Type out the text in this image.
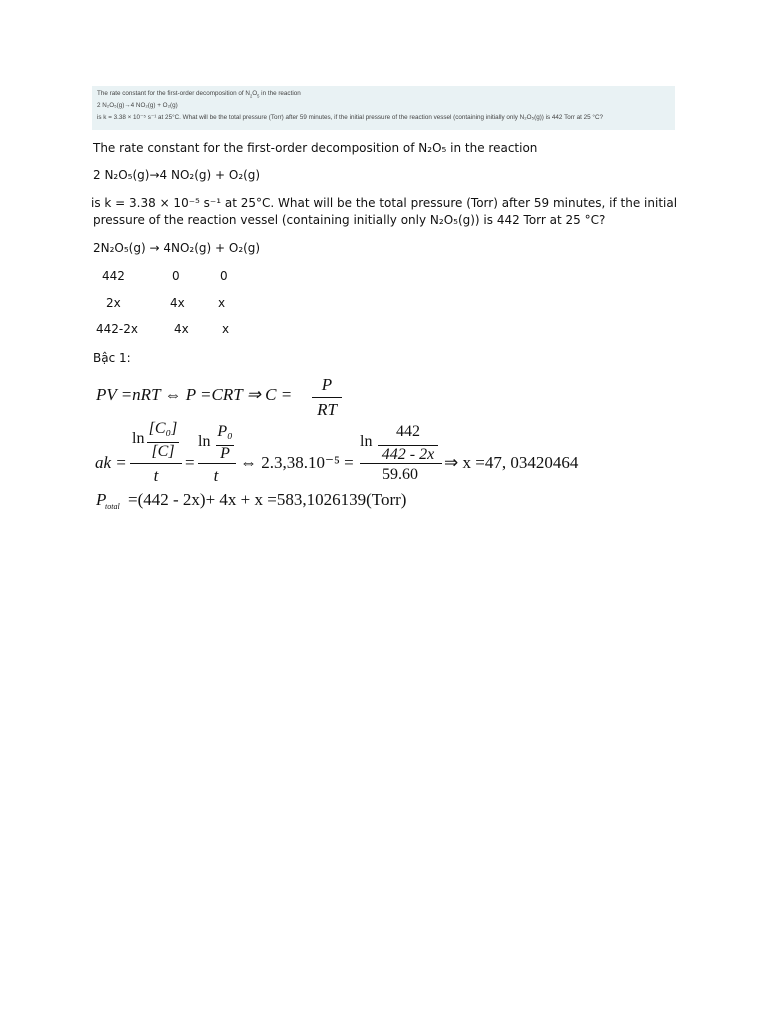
The rate constant for the first-order decomposition of $N_2O_5$ in the reaction
2 N₂O₅(g)→4 NO₂(g) + O₂(g)
is k = 3.38 × 10⁻⁵ s⁻¹ at 25°C. What will be the total pressure (Torr) after 59 minutes, if the initial pressure of the reaction vessel (containing initially only N₂O₅(g)) is 442 Torr at 25 °C?
The rate constant for the first-order decomposition of N₂O₅ in the reaction
2 N₂O₅(g)→4 NO₂(g) + O₂(g)
is k = 3.38 × 10⁻⁵ s⁻¹ at 25°C. What will be the total pressure (Torr) after 59 minutes, if the initial
pressure of the reaction vessel (containing initially only N₂O₅(g)) is 442 Torr at 25 °C?
2N₂O₅(g) → 4NO₂(g) + O₂(g)
442	0	0
2x	4x	x
442-2x	4x	x
Bậc 1:
PV =nRT ⇔ P =CRT ⇒ C =
P
RT
ak =
ln
[C₀]
[C]
t
=
ln
P₀
P
t
⇔ 2.3,38.10⁻⁵ =
ln
442
442 - 2x
59.60
⇒ x =47, 03420464
P
total =(442 - 2x)+ 4x + x =583,1026139(Torr)
